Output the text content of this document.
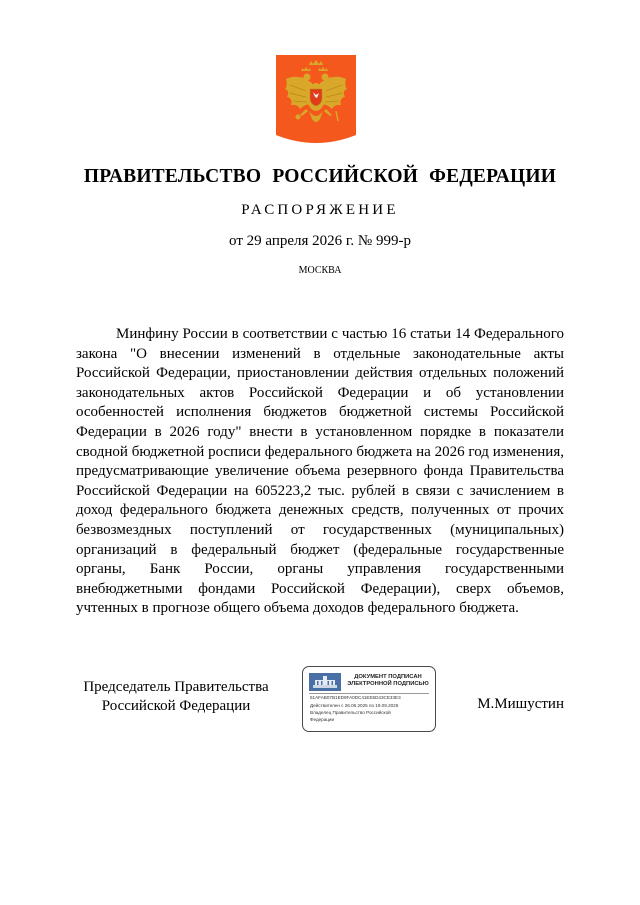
ПРАВИТЕЛЬСТВО РОССИЙСКОЙ ФЕДЕРАЦИИ
РАСПОРЯЖЕНИЕ
от 29 апреля 2026 г. № 999-р
МОСКВА

Минфину России в соответствии с частью 16 статьи 14 Федерального закона "О внесении изменений в отдельные законодательные акты Российской Федерации, приостановлении действия отдельных положений законодательных актов Российской Федерации и об установлении особенностей исполнения бюджетов бюджетной системы Российской Федерации в 2026 году" внести в установленном порядке в показатели сводной бюджетной росписи федерального бюджета на 2026 год изменения, предусматривающие увеличение объема резервного фонда Правительства Российской Федерации на 605223,2 тыс. рублей в связи с зачислением в доход федерального бюджета денежных средств, полученных от прочих безвозмездных поступлений от государственных (муниципальных) организаций в федеральный бюджет (федеральные государственные органы, Банк России, органы управления государственными внебюджетными фондами Российской Федерации), сверх объемов, учтенных в прогнозе общего объема доходов федерального бюджета.

Председатель Правительства Российской Федерации
ДОКУМЕНТ ПОДПИСАН ЭЛЕКТРОННОЙ ПОДПИСЬЮ
51AFAB07B1ED9FA0DC41EE5D43CE33E3
Действителен с 26.06.2025 по 19.09.2026
Владелец Правительство Российской
Федерации
М.Мишустин
